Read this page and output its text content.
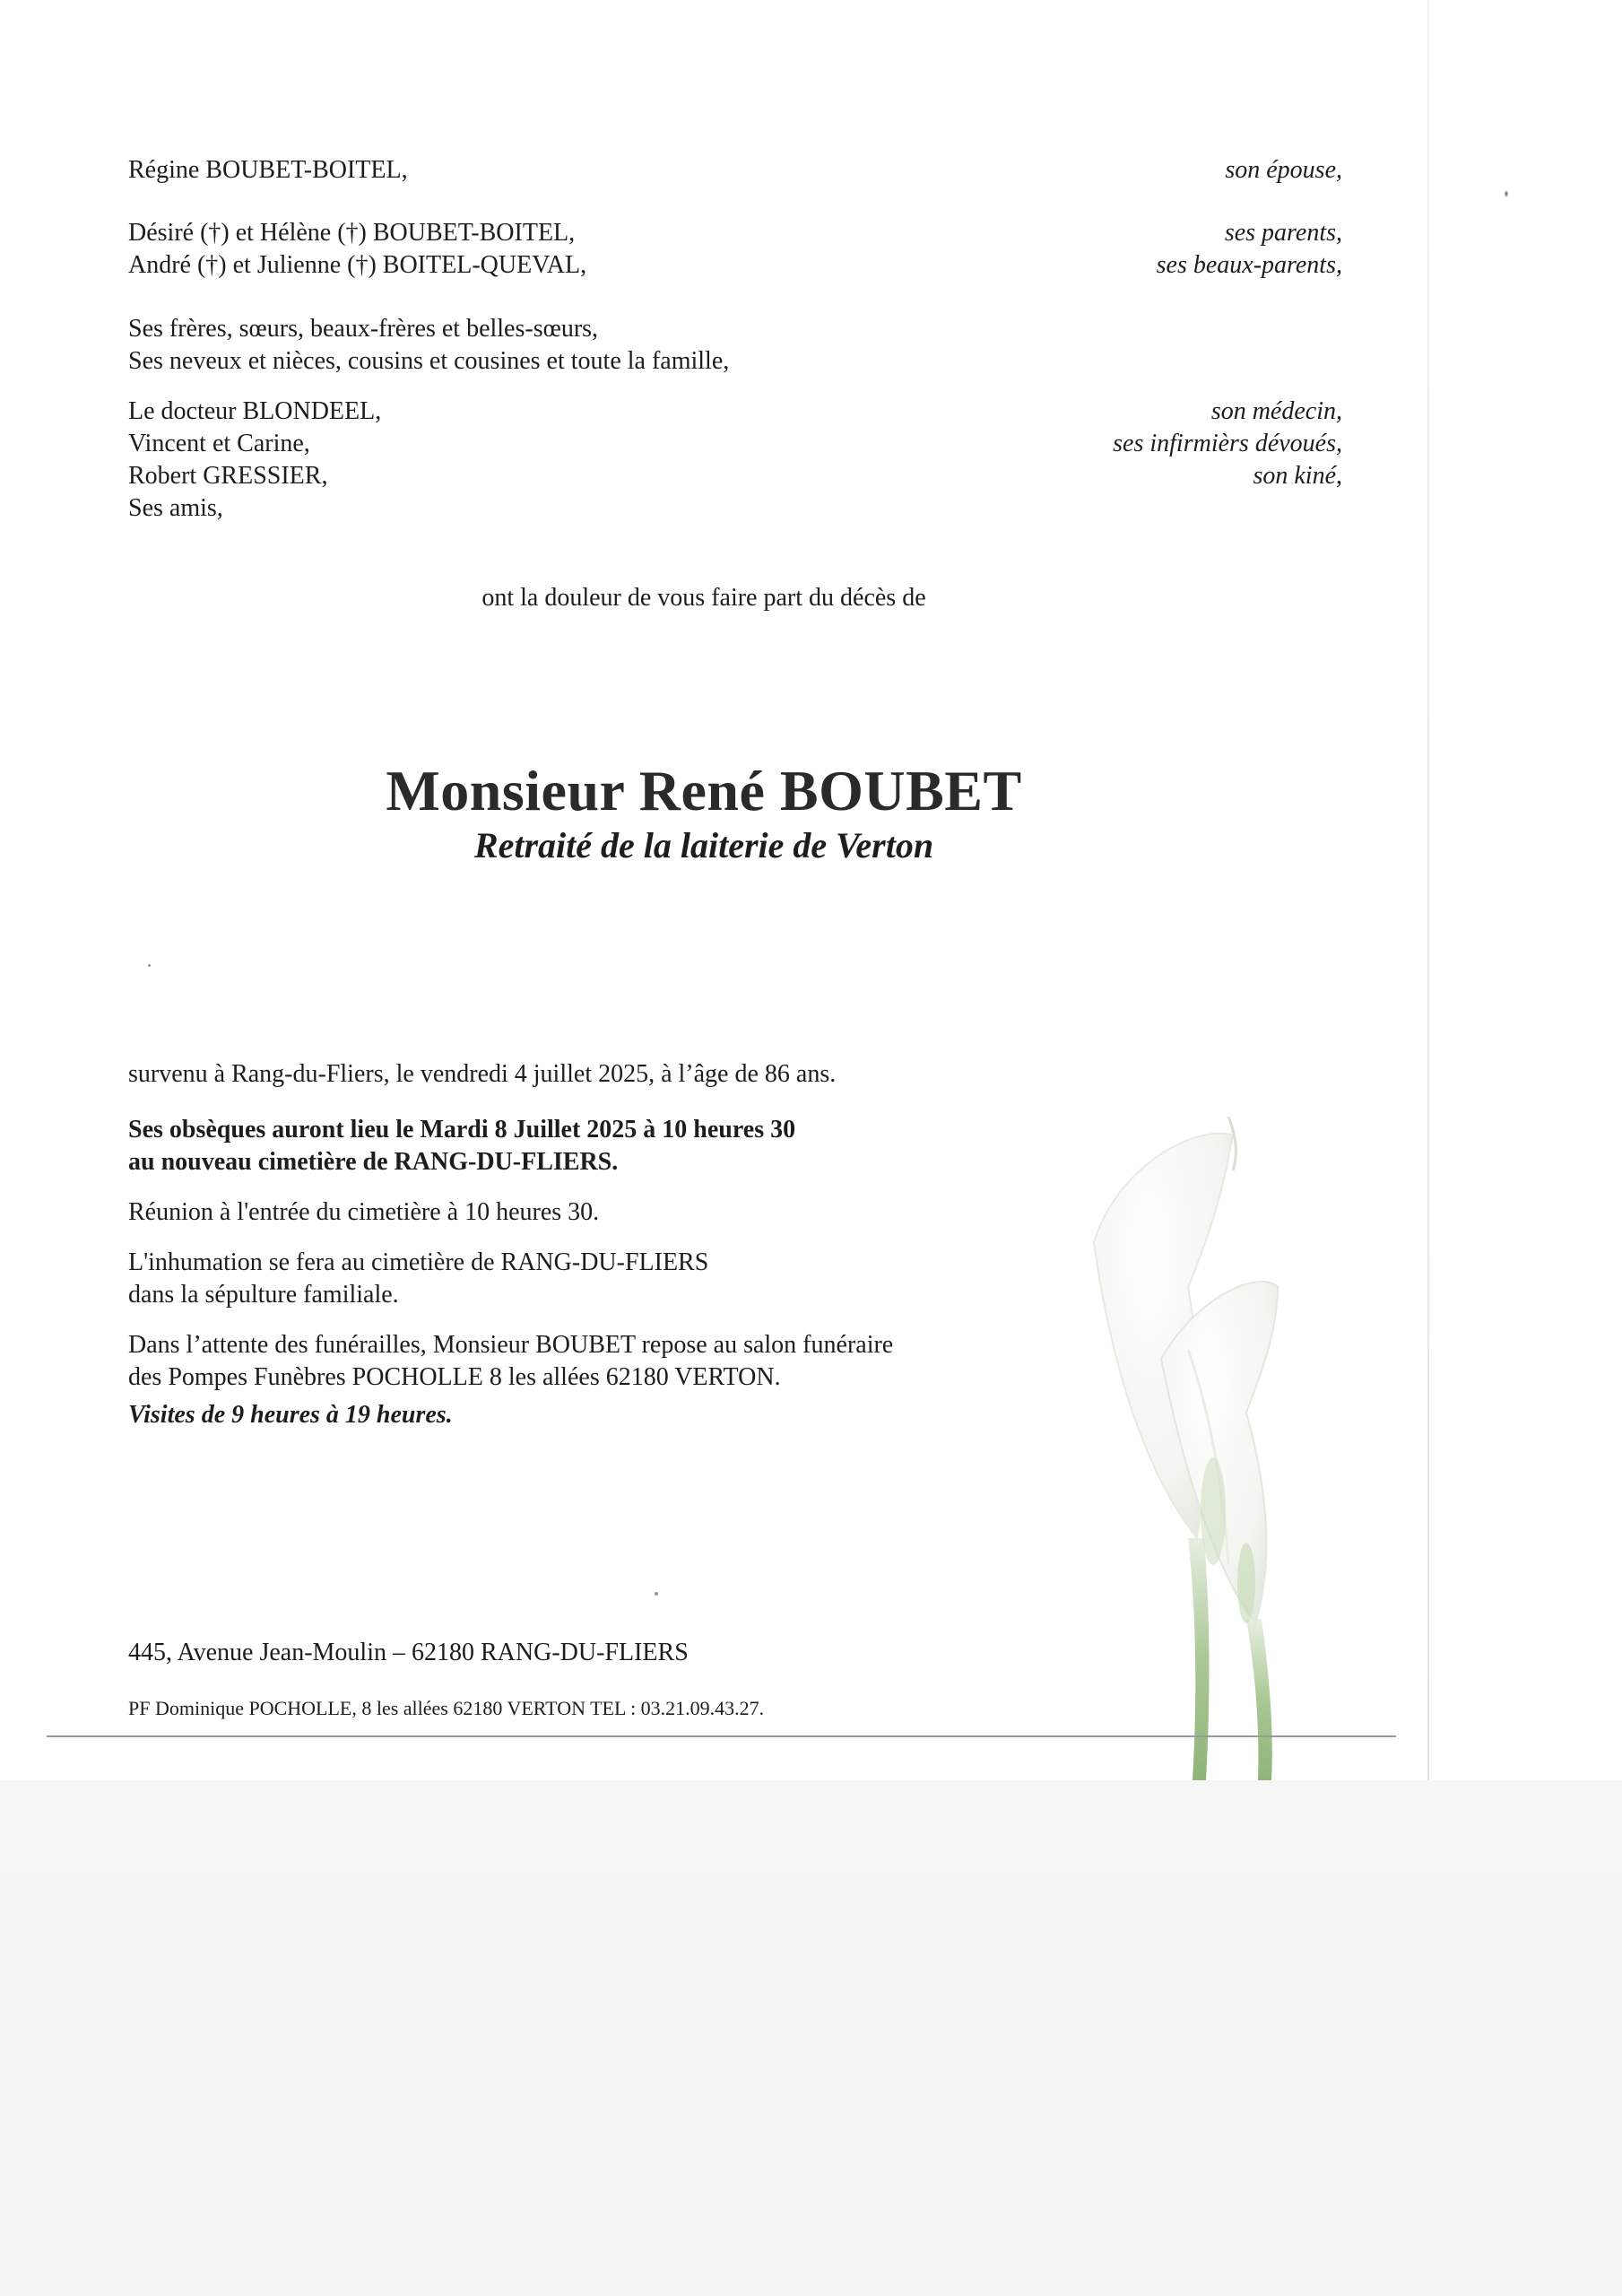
Régine BOUBET-BOITEL,	son épouse,
Désiré (†) et Hélène (†) BOUBET-BOITEL,	ses parents,
André (†) et Julienne (†) BOITEL-QUEVAL,	ses beaux-parents,
Ses frères, sœurs, beaux-frères et belles-sœurs,
Ses neveux et nièces, cousins et cousines et toute la famille,
Le docteur BLONDEEL,	son médecin,
Vincent et Carine,	ses infirmièrs dévoués,
Robert GRESSIER,	son kiné,
Ses amis,
ont la douleur de vous faire part du décès de
Monsieur René BOUBET
Retraité de la laiterie de Verton
survenu à Rang-du-Fliers, le vendredi 4 juillet 2025, à l’âge de 86 ans.
Ses obsèques auront lieu le Mardi 8 Juillet 2025 à 10 heures 30
au nouveau cimetière de RANG-DU-FLIERS.
Réunion à l'entrée du cimetière à 10 heures 30.
L'inhumation se fera au cimetière de RANG-DU-FLIERS
dans la sépulture familiale.
Dans l’attente des funérailles, Monsieur BOUBET repose au salon funéraire
des Pompes Funèbres POCHOLLE 8 les allées 62180 VERTON.
Visites de 9 heures à 19 heures.
445, Avenue Jean-Moulin – 62180 RANG-DU-FLIERS
PF Dominique POCHOLLE, 8 les allées 62180 VERTON TEL : 03.21.09.43.27.
